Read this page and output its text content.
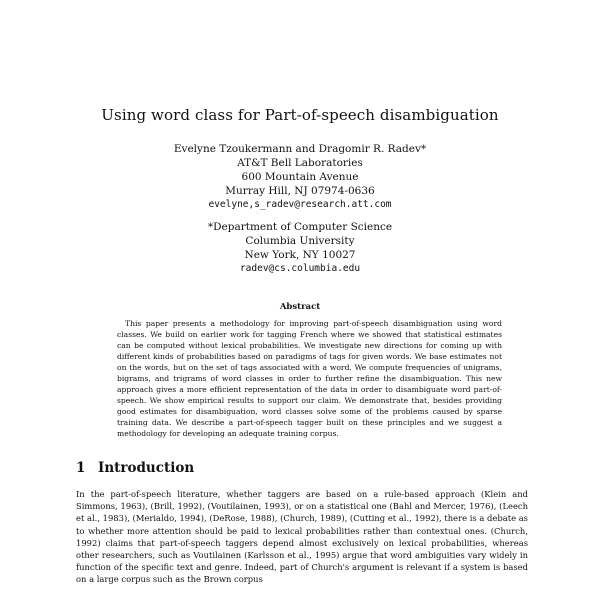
Using word class for Part-of-speech disambiguation
Evelyne Tzoukermann and Dragomir R. Radev*
AT&T Bell Laboratories
600 Mountain Avenue
Murray Hill, NJ 07974-0636
evelyne,s_radev@research.att.com
*Department of Computer Science
Columbia University
New York, NY 10027
radev@cs.columbia.edu
Abstract
This paper presents a methodology for improving part-of-speech disambiguation using word classes. We build on earlier work for tagging French where we showed that statistical estimates can be computed without lexical probabilities. We investigate new directions for coming up with different kinds of probabilities based on paradigms of tags for given words. We base estimates not on the words, but on the set of tags associated with a word. We compute frequencies of unigrams, bigrams, and trigrams of word classes in order to further refine the disambiguation. This new approach gives a more efficient representation of the data in order to disambiguate word part-of-speech. We show empirical results to support our claim. We demonstrate that, besides providing good estimates for disambiguation, word classes solve some of the problems caused by sparse training data. We describe a part-of-speech tagger built on these principles and we suggest a methodology for developing an adequate training corpus.
1 Introduction
In the part-of-speech literature, whether taggers are based on a rule-based approach (Klein and Simmons, 1963), (Brill, 1992), (Voutilainen, 1993), or on a statistical one (Bahl and Mercer, 1976), (Leech et al., 1983), (Merialdo, 1994), (DeRose, 1988), (Church, 1989), (Cutting et al., 1992), there is a debate as to whether more attention should be paid to lexical probabilities rather than contextual ones. (Church, 1992) claims that part-of-speech taggers depend almost exclusively on lexical probabilities, whereas other researchers, such as Voutilainen (Karlsson et al., 1995) argue that word ambiguities vary widely in function of the specific text and genre. Indeed, part of Church's argument is relevant if a system is based on a large corpus such as the Brown corpus
